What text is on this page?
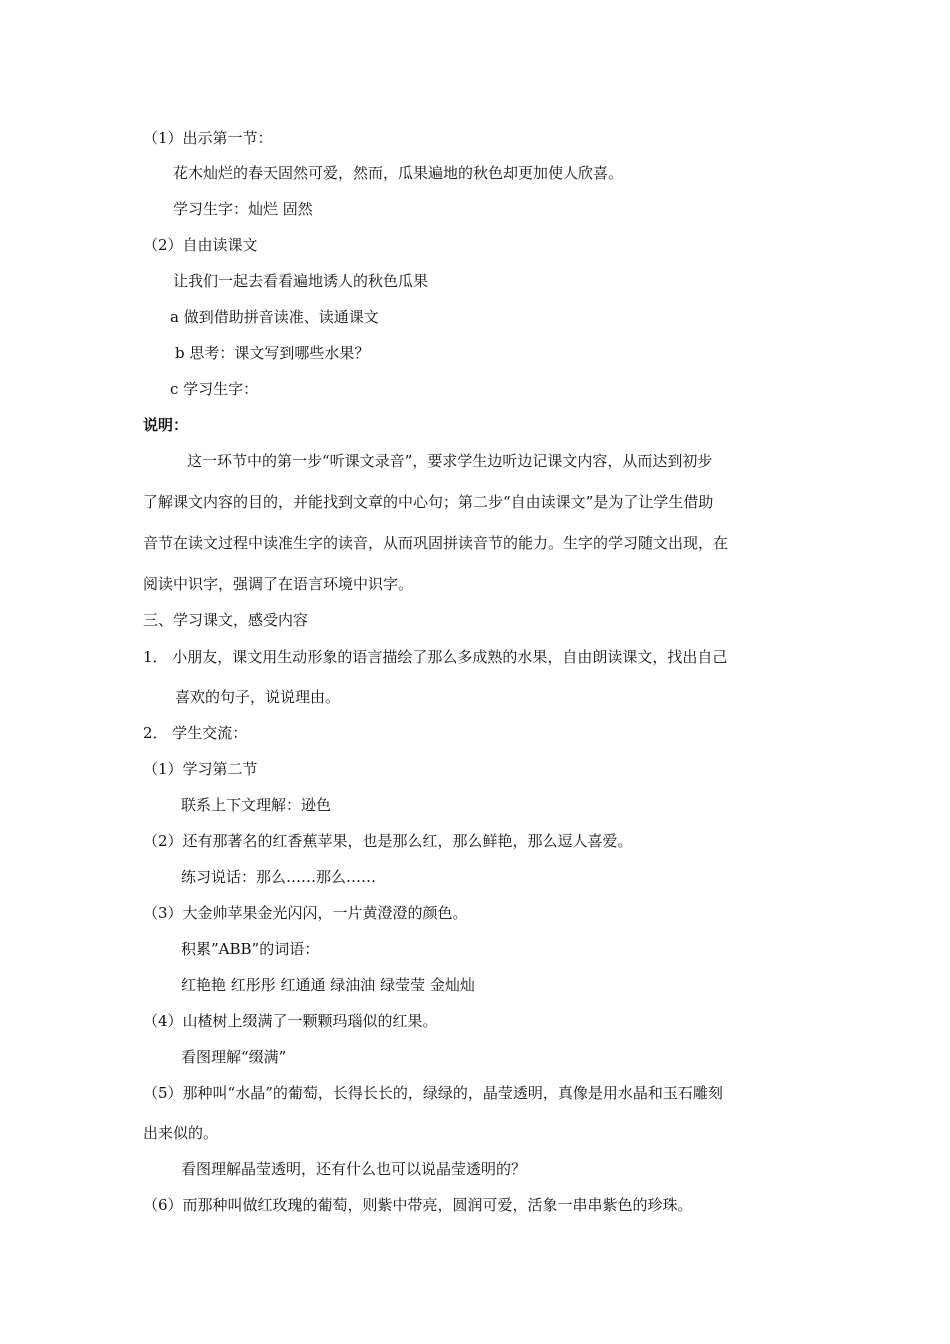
（1）出示第一节：
花木灿烂的春天固然可爱，然而，瓜果遍地的秋色却更加使人欣喜。
学习生字：灿烂 固然
（2）自由读课文
让我们一起去看看遍地诱人的秋色瓜果
a 做到借助拼音读准、读通课文
b 思考：课文写到哪些水果？
c 学习生字：
说明：
这一环节中的第一步“听课文录音”，要求学生边听边记课文内容，从而达到初步
了解课文内容的目的，并能找到文章的中心句；第二步“自由读课文”是为了让学生借助
音节在读文过程中读准生字的读音，从而巩固拼读音节的能力。生字的学习随文出现，在
阅读中识字，强调了在语言环境中识字。
三、学习课文，感受内容
1． 小朋友，课文用生动形象的语言描绘了那么多成熟的水果，自由朗读课文，找出自己
喜欢的句子，说说理由。
2． 学生交流：
（1）学习第二节
联系上下文理解：逊色
（2）还有那著名的红香蕉苹果，也是那么红，那么鲜艳，那么逗人喜爱。
练习说话：那么……那么……
（3）大金帅苹果金光闪闪，一片黄澄澄的颜色。
积累”ABB”的词语：
红艳艳 红彤彤 红通通 绿油油 绿莹莹 金灿灿
（4）山楂树上缀满了一颗颗玛瑙似的红果。
看图理解“缀满”
（5）那种叫“水晶”的葡萄，长得长长的，绿绿的，晶莹透明，真像是用水晶和玉石雕刻
出来似的。
看图理解晶莹透明，还有什么也可以说晶莹透明的？
（6）而那种叫做红玫瑰的葡萄，则紫中带亮，圆润可爱，活象一串串紫色的珍珠。
